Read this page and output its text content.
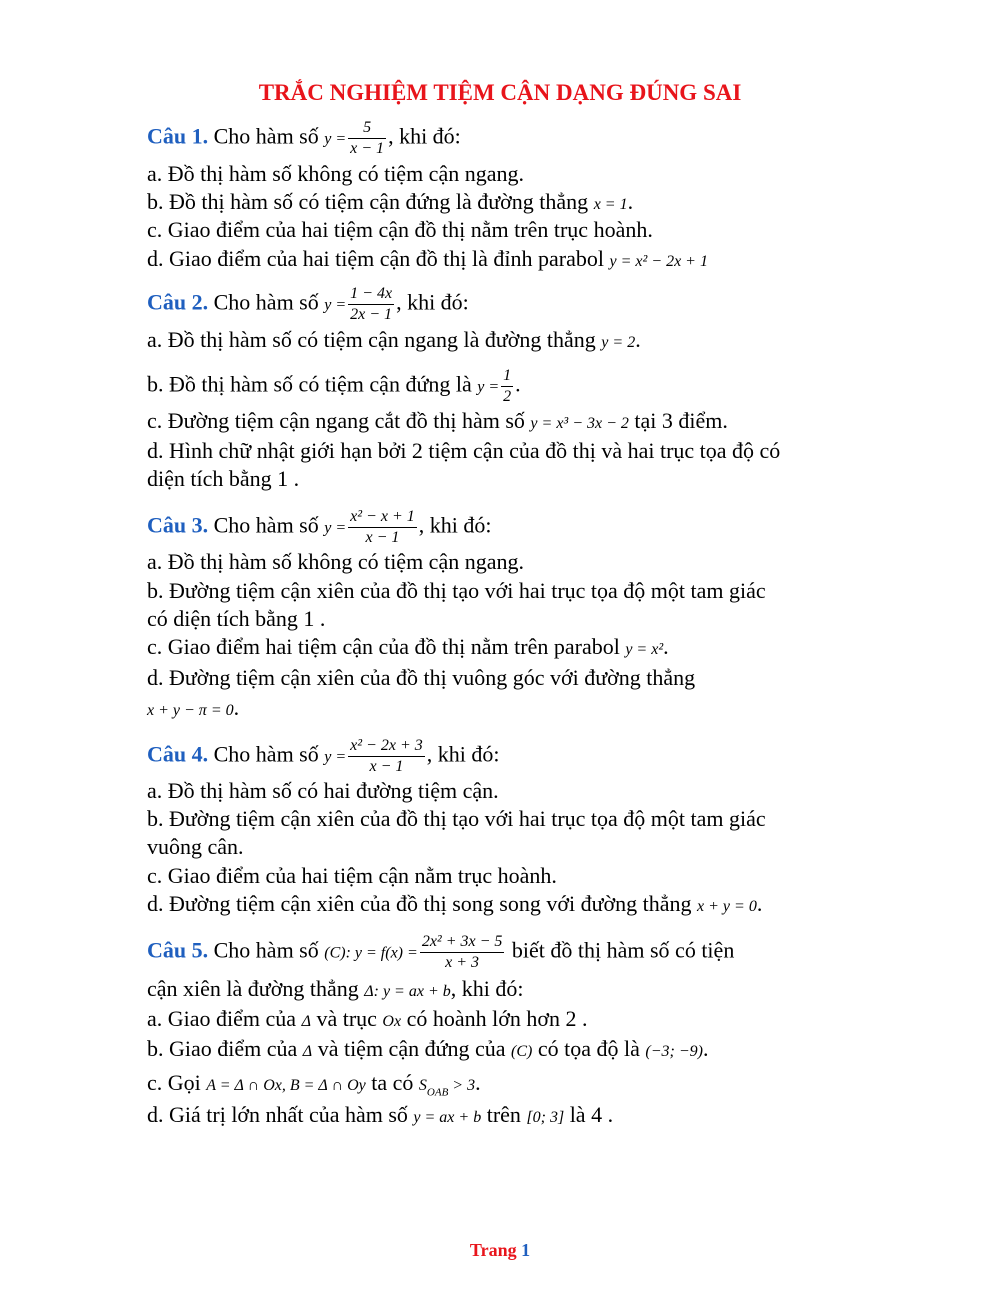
TRẮC NGHIỆM TIỆM CẬN DẠNG ĐÚNG SAI
Câu 1. Cho hàm số $y = \frac{5}{x - 1}$ , khi đó:
a. Đồ thị hàm số không có tiệm cận ngang.
b. Đồ thị hàm số có tiệm cận đứng là đường thẳng x = 1.
c. Giao điểm của hai tiệm cận đồ thị nằm trên trục hoành.
d. Giao điểm của hai tiệm cận đồ thị là đỉnh parabol y = x² − 2x + 1
Câu 2. Cho hàm số $y = \frac{1 - 4x}{2x - 1}$ , khi đó:
a. Đồ thị hàm số có tiệm cận ngang là đường thẳng y = 2.
b. Đồ thị hàm số có tiệm cận đứng là $y = \frac{1}{2}$ .
c. Đường tiệm cận ngang cắt đồ thị hàm số y = x³ − 3x − 2 tại 3 điểm.
d. Hình chữ nhật giới hạn bởi 2 tiệm cận của đồ thị và hai trục tọa độ có
diện tích bằng 1 .
Câu 3. Cho hàm số $y = \frac{\text{x² − x + 1}}{x - 1}$ , khi đó:
a. Đồ thị hàm số không có tiệm cận ngang.
b. Đường tiệm cận xiên của đồ thị tạo với hai trục tọa độ một tam giác
có diện tích bằng 1 .
c. Giao điểm hai tiệm cận của đồ thị nằm trên parabol y = x².
d. Đường tiệm cận xiên của đồ thị vuông góc với đường thẳng
x + y − π = 0.
Câu 4. Cho hàm số $y = \frac{\text{x² − 2x + 3}}{x - 1}$ , khi đó:
a. Đồ thị hàm số có hai đường tiệm cận.
b. Đường tiệm cận xiên của đồ thị tạo với hai trục tọa độ một tam giác
vuông cân.
c. Giao điểm của hai tiệm cận nằm trục hoành.
d. Đường tiệm cận xiên của đồ thị song song với đường thẳng x + y = 0.
Câu 5. Cho hàm số (C): $y = f(x) = \frac{\text{2x² + 3x − 5}}{x + 3}$ biết đồ thị hàm số có tiện
cận xiên là đường thẳng Δ: y = ax + b, khi đó:
a. Giao điểm của Δ và trục Ox có hoành lớn hơn 2 .
b. Giao điểm của Δ và tiệm cận đứng của (C) có tọa độ là (−3; −9).
c. Gọi A = Δ ∩ Ox, B = Δ ∩ Oy ta có $S_{OAB} > 3$.
d. Giá trị lớn nhất của hàm số y = ax + b trên [0; 3] là 4 .
Trang 1
